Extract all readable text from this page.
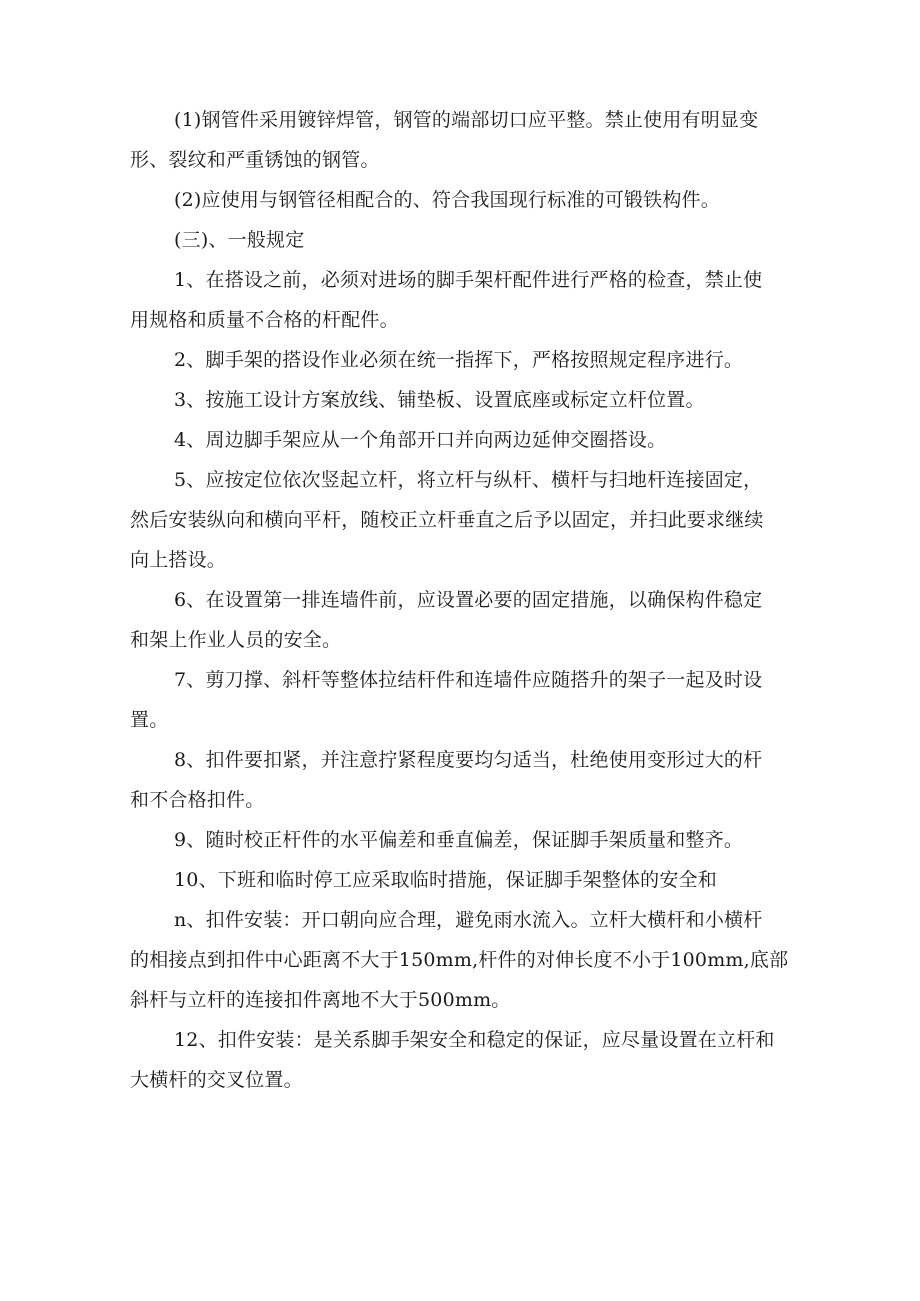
(1)钢管件采用镀锌焊管，钢管的端部切口应平整。禁止使用有明显变
形、裂纹和严重锈蚀的钢管。

(2)应使用与钢管径相配合的、符合我国现行标准的可锻铁构件。

(三)、一般规定

1、在搭设之前，必须对进场的脚手架杆配件进行严格的检查，禁止使
用规格和质量不合格的杆配件。

2、脚手架的搭设作业必须在统一指挥下，严格按照规定程序进行。

3、按施工设计方案放线、铺垫板、设置底座或标定立杆位置。

4、周边脚手架应从一个角部开口并向两边延伸交圈搭设。

5、应按定位依次竖起立杆，将立杆与纵杆、横杆与扫地杆连接固定，
然后安装纵向和横向平杆，随校正立杆垂直之后予以固定，并扫此要求继续
向上搭设。

6、在设置第一排连墙件前，应设置必要的固定措施，以确保构件稳定
和架上作业人员的安全。

7、剪刀撑、斜杆等整体拉结杆件和连墙件应随搭升的架子一起及时设
置。

8、扣件要扣紧，并注意拧紧程度要均匀适当，杜绝使用变形过大的杆
和不合格扣件。

9、随时校正杆件的水平偏差和垂直偏差，保证脚手架质量和整齐。

10、下班和临时停工应采取临时措施，保证脚手架整体的安全和

n、扣件安装：开口朝向应合理，避免雨水流入。立杆大横杆和小横杆
的相接点到扣件中心距离不大于150mm,杆件的对伸长度不小于100mm,底部
斜杆与立杆的连接扣件离地不大于500mm。

12、扣件安装：是关系脚手架安全和稳定的保证，应尽量设置在立杆和
大横杆的交叉位置。
